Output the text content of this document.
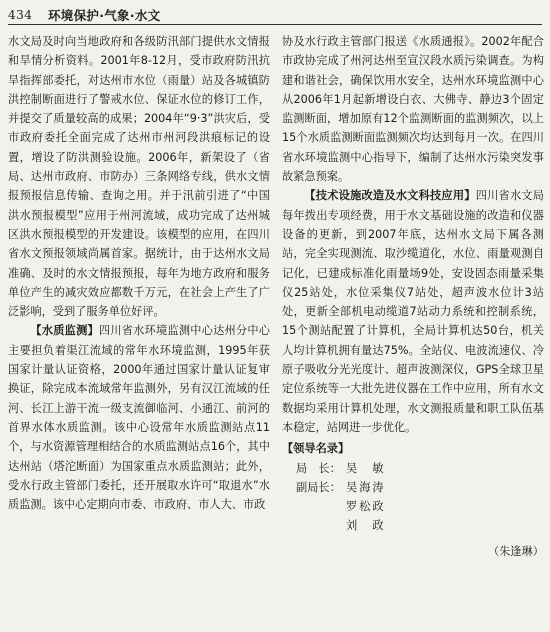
434 环境保护·气象·水文

水文局及时向当地政府和各级防汛部门提供水文情报和旱情分析资料。2001年8-12月，受市政府防汛抗旱指挥部委托，对达州市水位（雨量）站及各城镇防洪控制断面进行了警戒水位、保证水位的修订工作，并提交了质量较高的成果；2004年“9·3”洪灾后，受市政府委托全面完成了达州市州河段洪痕标记的设置，增设了防洪测验设施。2006年，新架设了（省局、达州市政府、市防办）三条网络专线，供水文情报预报信息传输、查询之用。并于汛前引进了“中国洪水预报模型”应用于州河流域，成功完成了达州城区洪水预报模型的开发建设。该模型的应用，在四川省水文预报领域尚属首家。据统计，由于达州水文局准确、及时的水文情报预报，每年为地方政府和服务单位产生的减灾效应都数千万元，在社会上产生了广泛影响，受到了服务单位好评。

【水质监测】四川省水环境监测中心达州分中心主要担负着渠江流域的常年水环境监测，1995年获国家计量认证资格，2000年通过国家计量认证复审换证，除完成本流域常年监测外，另有汉江流域的任河、长江上游干流一级支流御临河、小通江、前河的首界水体水质监测。该中心设常年水质监测站点11个，与水资源管理相结合的水质监测站点16个，其中达州站（塔沱断面）为国家重点水质监测站；此外，受水行政主管部门委托，还开展取水许可“取退水”水质监测。该中心定期向市委、市政府、市人大、市政

协及水行政主管部门报送《水质通报》。2002年配合市政协完成了州河达州至宣汉段水质污染调查。为构建和谐社会，确保饮用水安全，达州水环境监测中心从2006年1月起新增设白衣、大佛寺、静边3个固定监测断面，增加原有12个监测断面的监测频次，以上15个水质监测断面监测频次均达到每月一次。在四川省水环境监测中心指导下，编制了达州水污染突发事故紧急预案。

【技术设施改造及水文科技应用】四川省水文局每年拨出专项经费，用于水文基础设施的改造和仪器设备的更新，到2007年底，达州水文局下属各测站，完全实现测流、取沙缆道化，水位、雨量观测自记化，已建成标准化雨量场9处，安设固态雨量采集仪25站处，水位采集仪7站处，超声波水位计3站处，更新全部机电动缆道7站动力系统和控制系统，15个测站配置了计算机，全局计算机达50台，机关人均计算机拥有量达75%。全站仪、电波流速仪、冷原子吸收分光光度计、超声波测深仪，GPS全球卫星定位系统等一大批先进仪器在工作中应用，所有水文数据均采用计算机处理，水文测报质量和职工队伍基本稳定，站网进一步优化。

【领导名录】
局　长： 吴　敏
副局长： 吴海涛
罗松政
刘　政
（朱逢琳）
